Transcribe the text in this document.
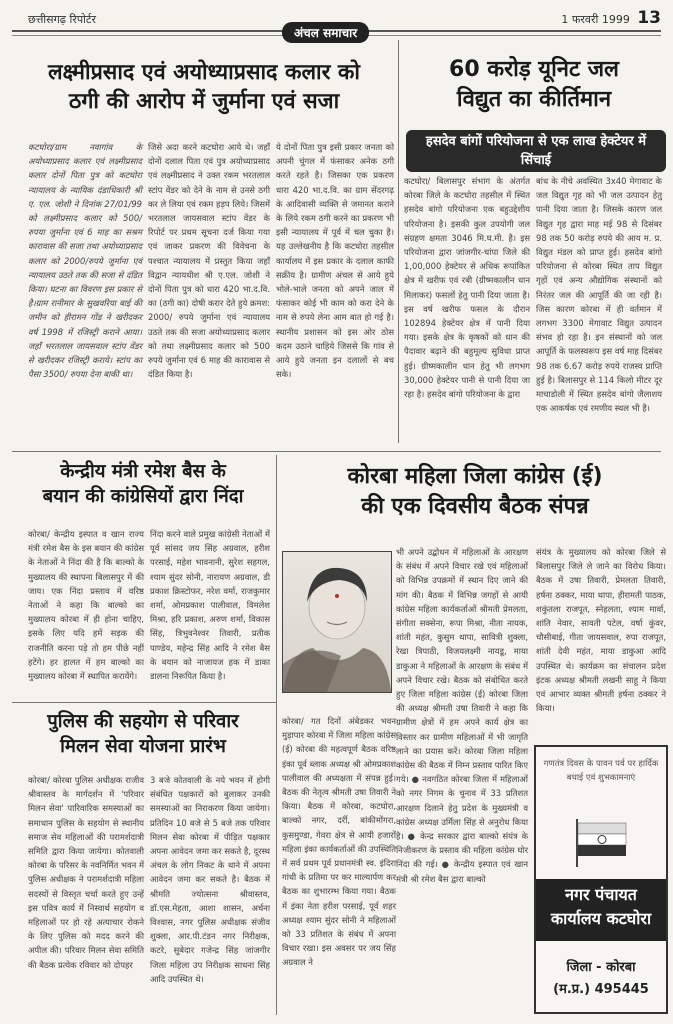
छत्तीसगढ़ रिपोर्टर	1 फरवरी 1999 13
अंचल समाचार
लक्ष्मीप्रसाद एवं अयोध्याप्रसाद कलार को
ठगी की आरोप में जुर्माना एवं सजा
कटघोरा/ग्राम नवागांव के अयोध्याप्रसाद कलार एवं लक्ष्मीप्रसाद कलार दोनों पिता पुत्र को कटघोरा न्यायालय के न्यायिक दंडाधिकारी श्री ए. एल. जोशी ने दिनांक 27/01/99 को लक्ष्मीप्रसाद कलार को 500/ रुपया जुर्माना एवं 6 माह का सश्रम कारावास की सजा तथा अयोध्याप्रसाद कलार को 2000/रुपये जुर्माना एवं न्यायालय उठते तक की सजा से दंडित किया। घटना का विवरण इस प्रकार से है।ग्राम रानीमार के सुखवरिया बाई की जमीन को हीरामन गोंड ने खरीदकर वर्ष 1998 में रजिस्ट्री कराने आया। जहाँ भरतलाल जायसवाल स्टांप वेंडर से खरीदकर रजिस्ट्री कराये। स्टांप का पैसा 3500/ रुपया देना बाकी था।
जिसे अदा करने कटघोरा आये थे। जहाँ दोनों दलाल पिता एवं पुत्र अयोध्याप्रसाद एवं लक्ष्मीप्रसाद ने उक्त रकम भरतलाल स्टांप वेंडर को देने के नाम से उनसे ठगी कर ले लिया एवं रकम हड़प लिये। जिसमें भरतलाल जायसवाल स्टांप वेंडर के रिपोर्ट पर प्रथम सूचना दर्ज किया गया एवं जाकर प्रकरण की विवेचना के पश्चात न्यायालय में प्रस्तुत किया जहाँ विद्वान न्यायधीश श्री ए.एल. जोशी ने दोनों पिता पुत्र को धारा 420 भा.द.वि. का (ठगी का) दोषी करार देते हुये क्रमश: 2000/ रुपये जुर्माना एवं न्यायालय उठते तक की सजा अयोध्याप्रसाद कलार को तथा लक्ष्मीप्रसाद कलार को 500 रुपये जुर्माना एवं 6 माह की कारावास से दंडित किया है।
ये दोनों पिता पुत्र इसी प्रकार जनता को अपनी चुंगल में फंसाकर अनेक ठगी करते रहते है। जिसका एक प्रकरण धारा 420 भा.द.वि. का ग्राम सेंदरगढ़ के आदिवासी व्यक्ति से जमानत कराने के लिये रकम ठगी करने का प्रकरण भी इसी न्यायालय में पूर्व में चल चुका है। यह उल्लेखनीय है कि कटघोरा तहसील कार्यालय में इस प्रकार के दलाल काफी सक्रीय है। ग्रामीण अंचल से आये हुये भोले-भाले जनता को अपने जाल में फंसाकर कोई भी काम को करा देने के नाम से रुपये लेना आम बात हो गई है। स्थानीय प्रशासन को इस ओर ठोस कदम उठाने चाहिये जिससे कि गांव से आये हुये जनता इन दलालों से बच सके।
60 करोड़ यूनिट जल
विद्युत का कीर्तिमान
हसदेव बांगों परियोजना से एक लाख हेक्टेयर में सिंचाई
कटघोरा/ बिलासपुर संभाग के अंतर्गत कोरबा जिले के कटघोरा तहसील में स्थित हसदेव बांगो परियोजना एक बहुउद्देशीय परियोजना है। इसकी कुल उपयोगी जल संग्रहण क्षमता 3046 मि.घ.मी. है। इस परियोजना द्वारा जांजगीर-चांपा जिले की 1,00,000 हेक्टेयर से अधिक रूपांकित क्षेत्र में खरीफ एवं रबी (ग्रीष्मकालीन धान मिलाकर) फसलों हेतु पानी दिया जाता है। इस वर्ष खरीफ फसल के दौरान 102894 हेक्टेयर क्षेत्र में पानी दिया गया। इसके क्षेत्र के कृषकों को धान की पैदावार बढ़ाने की बहुमूल्य सुविधा प्राप्त हुई। ग्रीष्मकालीन धान हेतु भी लगभग 30,000 हेक्टेयर पानी से पानी दिया जा रहा है। हसदेव बांगो परियोजना के द्वारा
बांध के नीचे अवस्थित 3x40 मेगावाट के जल विद्युत गृह को भी जल उत्पादन हेतु पानी दिया जाता है। जिसके कारण जल विद्युत गृह द्वारा माह मई 98 से दिसंबर 98 तक 50 करोड़ रुपये की आय म. प्र. विद्युत मंडल को प्राप्त हुई। हसदेव बांगो परियोजना से कोरबा स्थित ताप विद्युत गृहों एवं अन्य औद्योगिक संस्थानों को निरंतर जल की आपूर्ति की जा रही है। जिस कारण कोरबा में ही वर्तमान में लगभग 3300 मेगावाट विद्युत उत्पादन संभव हो रहा है। इन संस्थानों को जल आपूर्ति के फलस्वरूप इस वर्ष माह दिसंबर 98 तक 6.67 करोड़ रुपये राजस्व प्राप्ति हुई है। बिलासपुर से 114 किलो मीटर दूर माचाडोली में स्थित हसदेव बांगो जैलाशय एक आकर्षक एवं रमणीय स्थल भी है।
केन्द्रीय मंत्री रमेश बैस के
बयान की कांग्रेसियों द्वारा निंदा
कोरबा/ केन्द्रीय इस्पात व खान राज्य मंत्री रमेश बैस के इस बयान की कांग्रेस के नेताओं ने निंदा की है कि बाल्को के मुख्यालय की स्थापना बिलासपुर में की जाय। एक निंदा प्रस्ताव में वरिष्ठ नेताओं ने कहा कि बाल्को का मुख्यालय कोरबा में ही होना चाहिए, इसके लिए यदि हमें सड़क की राजनीति करना पड़े तो हम पीछे नहीं हटेंगे। हर हालत में हम बाल्को का मुख्यालय कोरबा में स्थापित करायेंगे।
निंदा करने वाले प्रमुख कांग्रेसी नेताओं में पूर्व सांसद जय सिंह अग्रवाल, हरीश परसाई, महेश भावनानी, सुरेश सहगल, श्याम सुंदर सोनी, नारायण अग्रवाल, डी प्रकाश क्रिस्टोफर, नरेश वर्मा, राजकुमार शर्मा, ओमप्रकाश पालीवाल, विमलेश मिश्रा, हरि प्रकाश, अरुण शर्मा, विकास सिंह, त्रिभुवनेश्वर तिवारी, प्रतीक पाण्डेय, महेन्द्र सिंह आदि ने रमेश बैस के बयान को नाजायज हक में डाका डालना निरूपित किया है।
कोरबा महिला जिला कांग्रेस (ई)
की एक दिवसीय बैठक संपन्न
भी अपने उद्बोधन में महिलाओं के आरक्षण के संबंध में अपने विचार रखे एवं महिलाओं को विभिन्न उपक्रमों में स्थान दिए जाने की मांग की। बैठक में विभिन्न जगहों से आयी कांग्रेस महिला कार्यकर्ताओं श्रीमती प्रेमलता, संगीता सक्सेना, रूपा मिश्रा, नीता नायक, शांती महंत, कुसुम थापा, सावित्री शुक्ला, रेखा त्रिपाठी, विजयलक्ष्मी नायडू, माया डाकुआ ने महिलाओं के आरक्षण के संबंध में अपने विचार रखे। बैठक को संबोधित करते हुए जिला महिला कांग्रेस (ई) कोरबा जिला की अध्यक्ष श्रीमती उषा तिवारी ने कहा कि ग्रामीण क्षेत्रों में हम अपने कार्य क्षेत्र का विस्तार कर ग्रामीण महिलाओं में भी जागृति लाने का प्रयास करें। कोरबा जिला महिला कांग्रेस की बैठक में निम्न प्रस्ताव पारित किए गये। ● नवगठित कोरबा जिला में महिलाओं को नगर निगम के चुनाव में 33 प्रतिशत आरक्षण दिलाने हेतु प्रदेश के मुख्यमंत्री व कांग्रेस अध्यक्ष उर्मिला सिंह से अनुरोध किया है। ● केन्द्र सरकार द्वारा बाल्को संयंत्र के निजीकरण के प्रस्ताव की महिला कांग्रेस घोर निंदा की गई। ● केन्द्रीय इस्पात एवं खान मंत्री श्री रमेश बैस द्वारा बाल्को
संयंत्र के मुख्यालय को कोरबा जिले से बिलासपुर जिले ले जाने का विरोध किया। बैठक में उषा तिवारी, प्रेमलता तिवारी, हर्षना ठक्कर, माया थापा, हीरामती पाठक, शकुंतला राजपूत, स्नेहलता, श्याम मार्वा, शांति नेवार, सावती पटेल, वर्षा कुंवर, चौसीबाई, गीता जायसवाल, रुपा राजपूत, शांती देवी महंत, माया डाकुआ आदि उपस्थित थे। कार्यक्रम का संचालन प्रदेश इंटक अध्यक्ष श्रीमती लखनी साहू ने किया एवं आभार व्यक्त श्रीमती हर्षना ठक्कर ने किया।
कोरबा/ गत दिनों अंबेडकर भवन मुड़ापार कोरबा में जिला महिला कांग्रेस (ई) कोरबा की महत्वपूर्ण बैठक वरिष्ठ इंका पूर्व ब्लाक अध्यक्ष श्री ओमप्रकाश पालीवाल की अध्यक्षता में संपन्न हुई। बैठक की नेतृत्व श्रीमती उषा तिवारी ने किया। बैठक में कोरबा, कटघोरा, बाल्को नगर, दर्री, बांकीमोंगरा, कुसमुण्डा, गेवरा क्षेत्र से आयी हजारों महिला इंका कार्यकर्ताओं की उपस्थिति में सर्व प्रथम पूर्व प्रधानमंत्री स्व. इंदिरा गांधी के प्रतिमा पर कर माल्यार्पण कर बैठक का शुभारम्भ किया गया। बैठक में इंका नेता हरीश परसाई, पूर्व शहर अध्यक्ष श्याम सुंदर सोनी ने महिलाओं को 33 प्रतिशत के संबंध में अपना विचार रखा। इस अवसर पर जय सिंह अग्रवाल ने
गणतंत्र दिवस के पावन पर्व पर हार्दिक बधाई एवं शुभकामनाएं
नगर पंचायत
कार्यालय कटघोरा
जिला - कोरबा
(म.प्र.) 495445
पुलिस की सहयोग से परिवार
मिलन सेवा योजना प्रारंभ
कोरबा/ कोरबा पुलिस अधीक्षक राजीव श्रीवास्तव के मार्गदर्शन में 'परिवार मिलन सेवा' पारिवारिक समस्याओं का समाधान पुलिस के सहयोग से स्थानीय समाज सेव महिलाओं की परामर्शदात्री समिति द्वारा किया जायेगा। कोतवाली कोरबा के परिसर के नवनिर्मित भवन में पुलिस अधीक्षक ने परामर्शदात्री महिला सदस्यों से विस्तृत चर्चा करते हुए उन्हें इस पवित्र कार्य में निस्वार्थ सहयोग व महिलाओं पर हो रहे अत्याचार रोकने के लिए पुलिस को मदद करने की अपील की। परिवार मिलन सेवा समिति की बैठक प्रत्येक रविवार को दोपहर
3 बजे कोतवाली के नये भवन में होगी संबंधित पक्षकारों को बुलाकर उनकी समस्याओं का निराकरण किया जायेगा। प्रतिदिन 10 बजे से 5 बजे तक परिवार मिलन सेवा कोरबा में पीड़ित पक्षकार अपना आवेदन जमा कर सकते है, दूरस्थ अंचल के लोग निकट के थाने में अपना आवेदन जमा कर सकते है। बैठक में श्रीमति ज्योत्सना श्रीवास्तव, डॉ.एस.मेहता, आशा शासन, अर्चना विश्वास, नगर पुलिस अधीक्षक संजीव शुक्ला, आर.पी.टंडन नगर निरीक्षक, कटरे, सुबेदार गजेन्द्र सिंह जांजगीर जिला महिला उप निरीक्षक साधना सिंह आदि उपस्थित थे।
